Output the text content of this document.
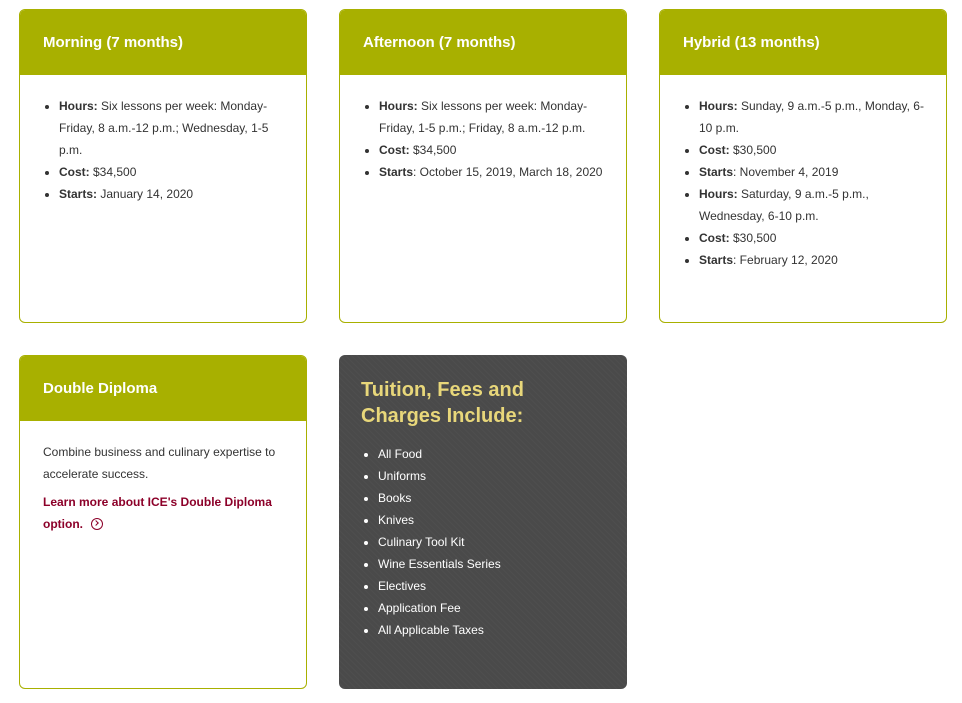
Morning (7 months)
• Hours: Six lessons per week: Monday-Friday, 8 a.m.-12 p.m.; Wednesday, 1-5 p.m.
• Cost: $34,500
• Starts: January 14, 2020
Afternoon (7 months)
• Hours: Six lessons per week: Monday-Friday, 1-5 p.m.; Friday, 8 a.m.-12 p.m.
• Cost: $34,500
• Starts: October 15, 2019, March 18, 2020
Hybrid (13 months)
• Hours: Sunday, 9 a.m.-5 p.m., Monday, 6-10 p.m.
• Cost: $30,500
• Starts: November 4, 2019
• Hours: Saturday, 9 a.m.-5 p.m., Wednesday, 6-10 p.m.
• Cost: $30,500
• Starts: February 12, 2020
Double Diploma

Combine business and culinary expertise to accelerate success.

Learn more about ICE's Double Diploma option.
Tuition, Fees and Charges Include:
• All Food
• Uniforms
• Books
• Knives
• Culinary Tool Kit
• Wine Essentials Series
• Electives
• Application Fee
• All Applicable Taxes
